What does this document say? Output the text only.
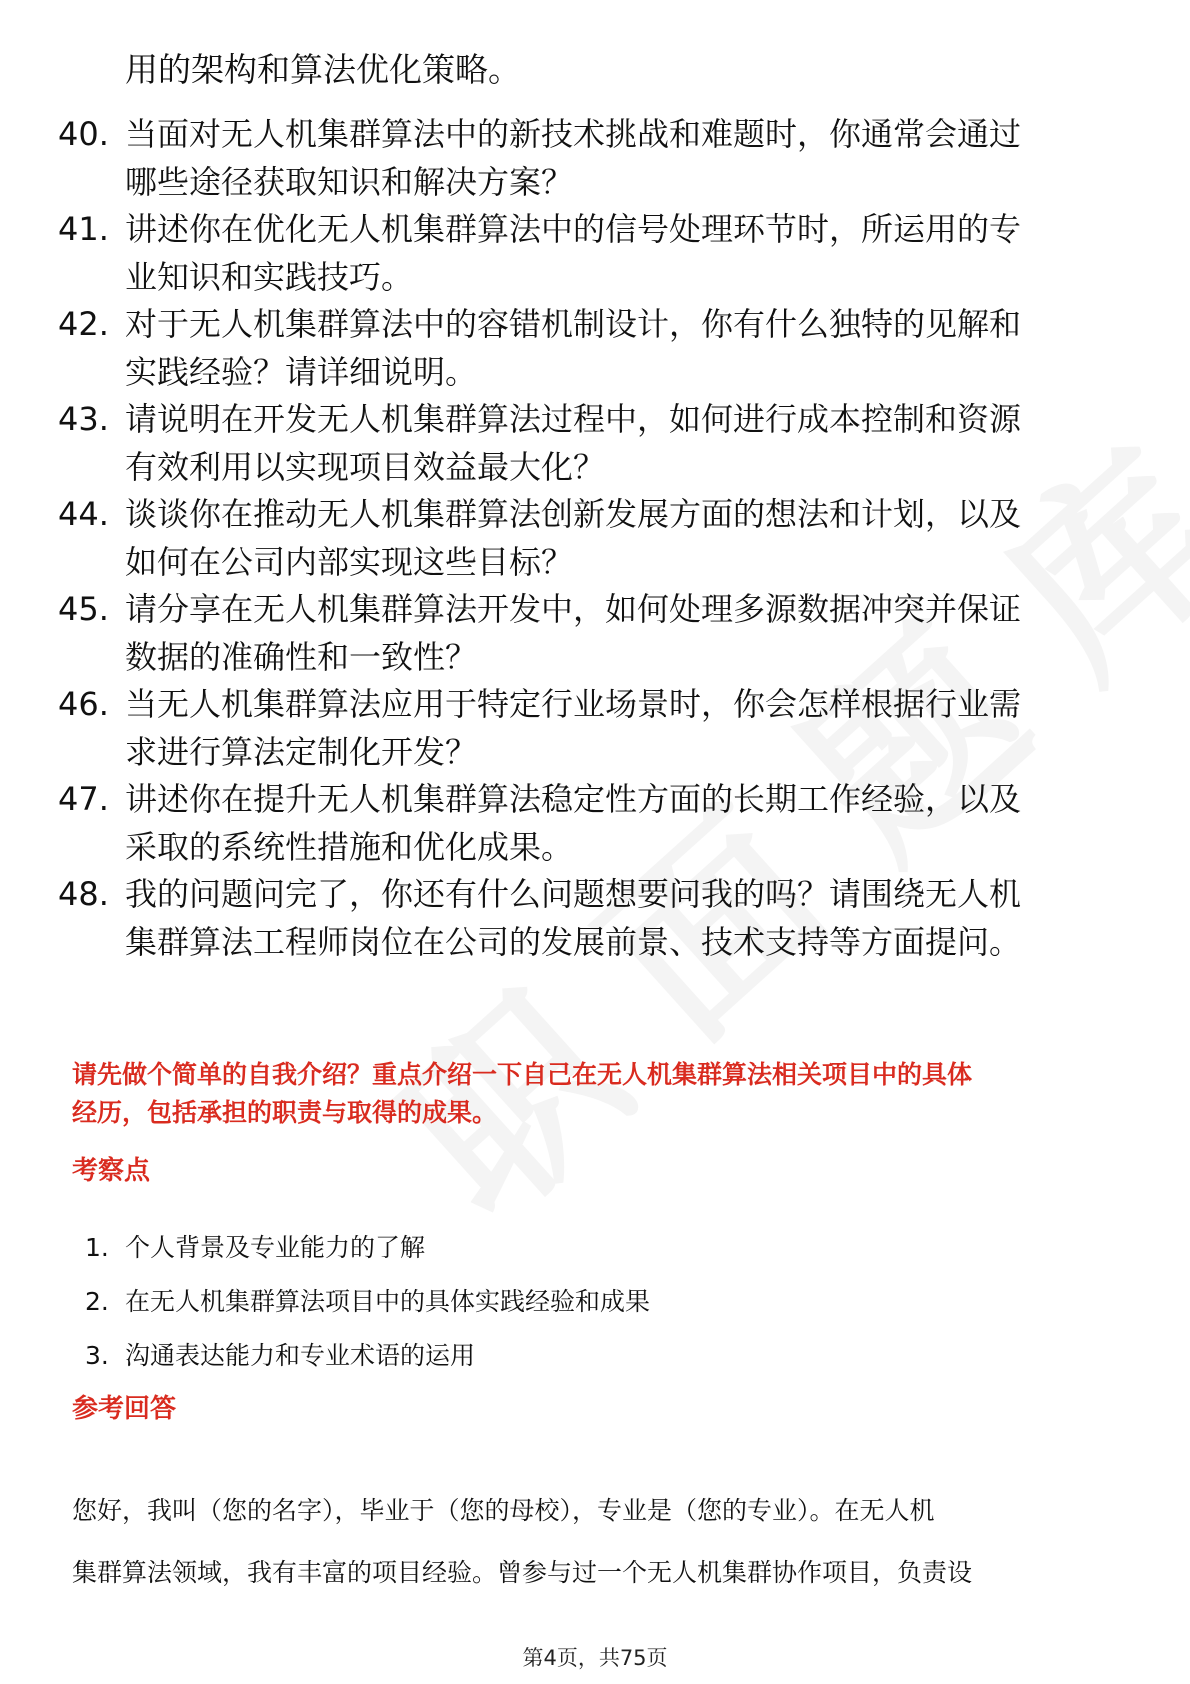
用的架构和算法优化策略。
40. 当面对无人机集群算法中的新技术挑战和难题时，你通常会通过
哪些途径获取知识和解决方案？
41. 讲述你在优化无人机集群算法中的信号处理环节时，所运用的专
业知识和实践技巧。
42. 对于无人机集群算法中的容错机制设计，你有什么独特的见解和
实践经验？请详细说明。
43. 请说明在开发无人机集群算法过程中，如何进行成本控制和资源
有效利用以实现项目效益最大化？
44. 谈谈你在推动无人机集群算法创新发展方面的想法和计划，以及
如何在公司内部实现这些目标？
45. 请分享在无人机集群算法开发中，如何处理多源数据冲突并保证
数据的准确性和一致性？
46. 当无人机集群算法应用于特定行业场景时，你会怎样根据行业需
求进行算法定制化开发？
47. 讲述你在提升无人机集群算法稳定性方面的长期工作经验，以及
采取的系统性措施和优化成果。
48. 我的问题问完了，你还有什么问题想要问我的吗？请围绕无人机
集群算法工程师岗位在公司的发展前景、技术支持等方面提问。
请先做个简单的自我介绍？重点介绍一下自己在无人机集群算法相关项目中的具体
经历，包括承担的职责与取得的成果。
考察点
1. 个人背景及专业能力的了解
2. 在无人机集群算法项目中的具体实践经验和成果
3. 沟通表达能力和专业术语的运用
参考回答

您好，我叫（您的名字），毕业于（您的母校），专业是（您的专业）。在无人机

集群算法领域，我有丰富的项目经验。曾参与过一个无人机集群协作项目，负责设

第4页，共75页
